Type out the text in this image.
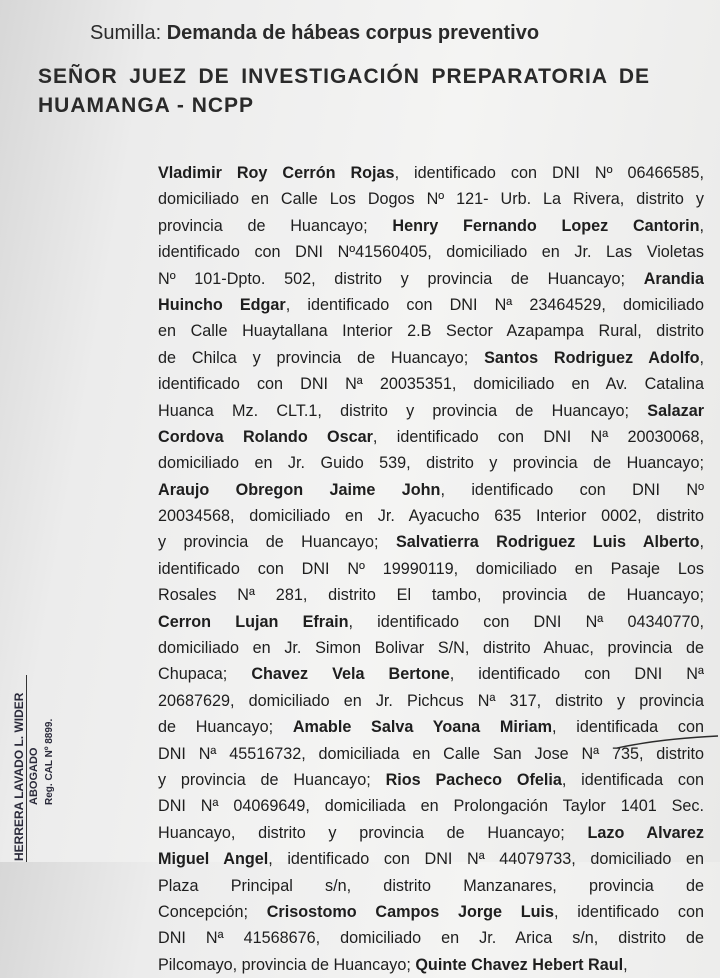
Sumilla: Demanda de hábeas corpus preventivo
SEÑOR JUEZ DE INVESTIGACIÓN PREPARATORIA DE
HUAMANGA - NCPP
Vladimir Roy Cerrón Rojas, identificado con DNI Nº 06466585,
domiciliado en Calle Los Dogos Nº 121- Urb. La Rivera, distrito y
provincia de Huancayo; Henry Fernando Lopez Cantorin,
identificado con DNI Nº41560405, domiciliado en Jr. Las Violetas
Nº 101-Dpto. 502, distrito y provincia de Huancayo; Arandia
Huincho Edgar, identificado con DNI Nª 23464529, domiciliado
en Calle Huaytallana Interior 2.B Sector Azapampa Rural, distrito
de Chilca y provincia de Huancayo; Santos Rodriguez Adolfo,
identificado con DNI Nª 20035351, domiciliado en Av. Catalina
Huanca Mz. CLT.1, distrito y provincia de Huancayo; Salazar
Cordova Rolando Oscar, identificado con DNI Nª 20030068,
domiciliado en Jr. Guido 539, distrito y provincia de Huancayo;
Araujo Obregon Jaime John, identificado con DNI Nº
20034568, domiciliado en Jr. Ayacucho 635 Interior 0002, distrito
y provincia de Huancayo; Salvatierra Rodriguez Luis Alberto,
identificado con DNI Nº 19990119, domiciliado en Pasaje Los
Rosales Nª 281, distrito El tambo, provincia de Huancayo;
Cerron Lujan Efrain, identificado con DNI Nª 04340770,
domiciliado en Jr. Simon Bolivar S/N, distrito Ahuac, provincia de
Chupaca; Chavez Vela Bertone, identificado con DNI Nª
20687629, domiciliado en Jr. Pichcus Nª 317, distrito y provincia
de Huancayo; Amable Salva Yoana Miriam, identificada con
DNI Nª 45516732, domiciliada en Calle San Jose Nª 735, distrito
y provincia de Huancayo; Rios Pacheco Ofelia, identificada con
DNI Nª 04069649, domiciliada en Prolongación Taylor 1401 Sec.
Huancayo, distrito y provincia de Huancayo; Lazo Alvarez
Miguel Angel, identificado con DNI Nª 44079733, domiciliado en
Plaza Principal s/n, distrito Manzanares, provincia de
Concepción; Crisostomo Campos Jorge Luis, identificado con
DNI Nª 41568676, domiciliado en Jr. Arica s/n, distrito de
Pilcomayo, provincia de Huancayo; Quinte Chavez Hebert Raul,
HERRERA LAVADO L. WIDER ABOGADO Reg. CAL Nº 8899.
